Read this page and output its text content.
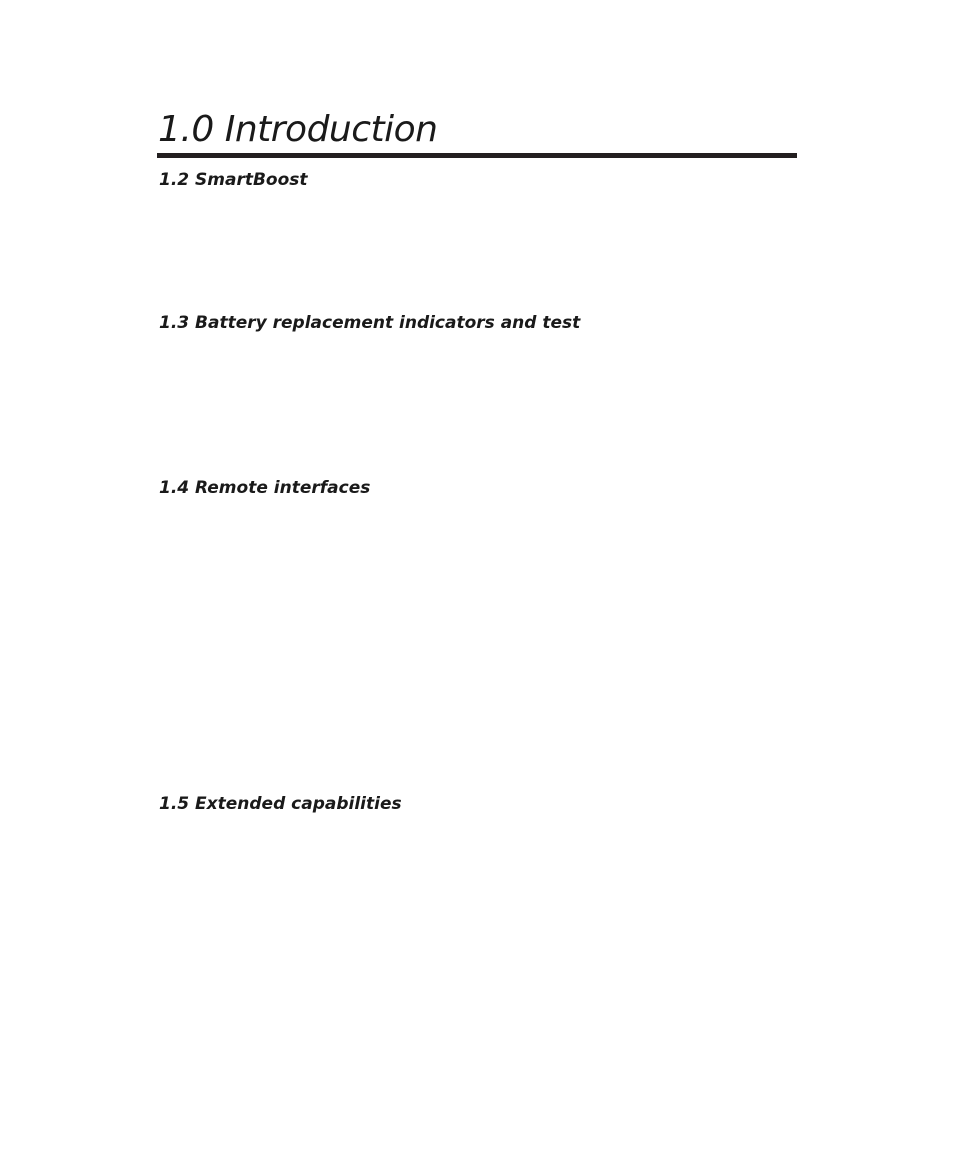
1.0 Introduction
1.2 SmartBoost
1.3 Battery replacement indicators and test
1.4 Remote interfaces
1.5 Extended capabilities
